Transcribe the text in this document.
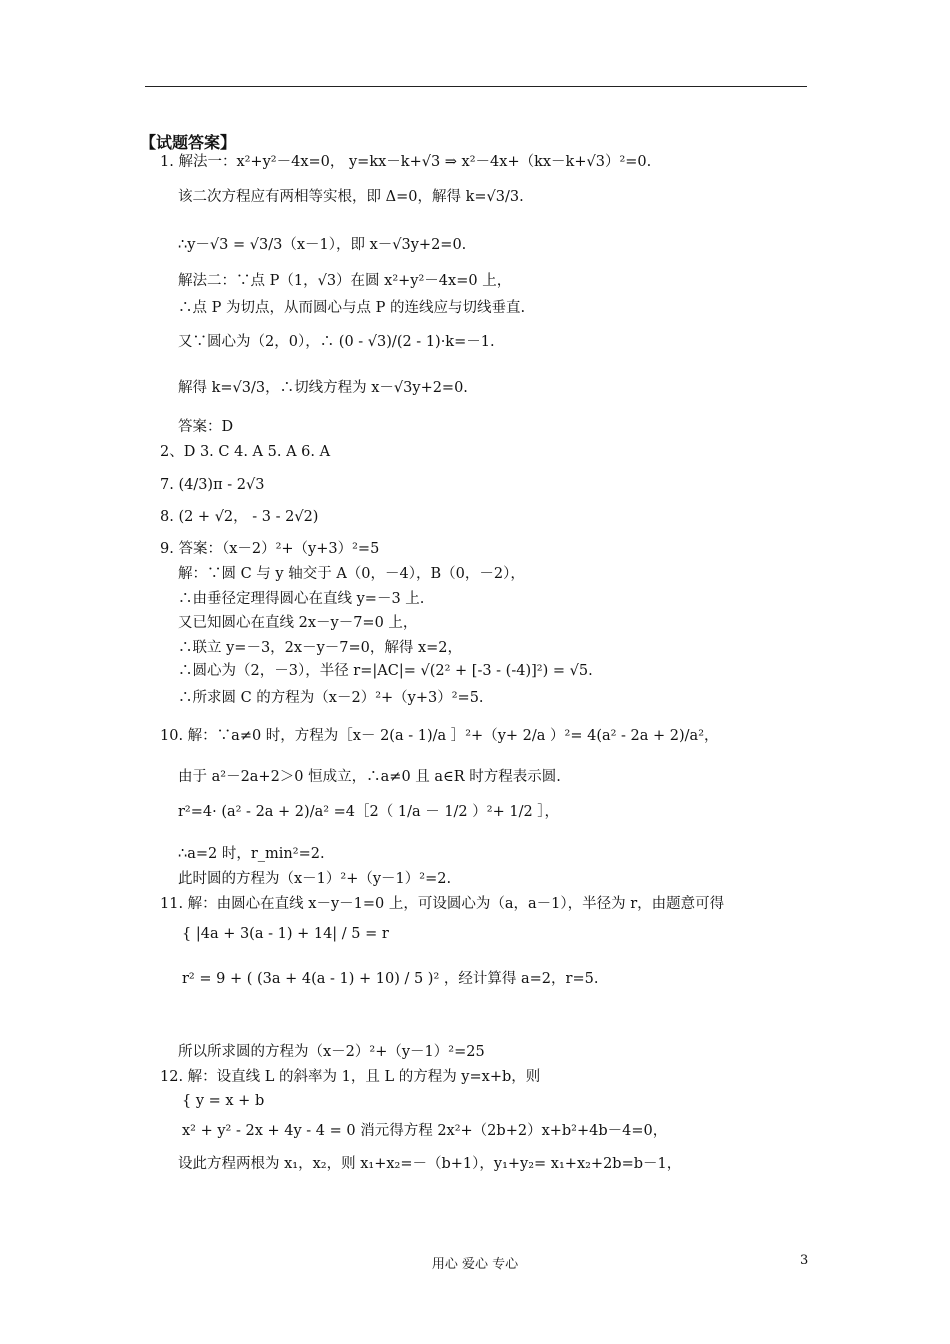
【试题答案】
1. 解法一：x²+y²－4x=0， y=kx－k+√3 ⇒ x²－4x+（kx－k+√3）²=0.
该二次方程应有两相等实根，即 Δ=0，解得 k=√3/3.
∴y－√3 = √3/3（x－1），即 x－√3y+2=0.
解法二：∵点 P（1，√3）在圆 x²+y²－4x=0 上，
∴点 P 为切点，从而圆心与点 P 的连线应与切线垂直.
又∵圆心为（2，0），∴ (0 - √3)/(2 - 1)·k=－1.
解得 k=√3/3，∴切线方程为 x－√3y+2=0.
答案：D
2、D 3. C 4. A 5. A 6. A
7. (4/3)π - 2√3
8. (2 + √2， - 3 - 2√2)
9. 答案：（x－2）²+（y+3）²=5
解：∵圆 C 与 y 轴交于 A（0，－4），B（0，－2），
∴由垂径定理得圆心在直线 y=－3 上.
又已知圆心在直线 2x－y－7=0 上，
∴联立 y=－3，2x－y－7=0，解得 x=2，
∴圆心为（2，－3），半径 r=|AC|= √(2² + [-3 - (-4)]²) = √5.
∴所求圆 C 的方程为（x－2）²+（y+3）²=5.
10. 解：∵a≠0 时，方程为［x－ 2(a - 1)/a ］²+（y+ 2/a ）²= 4(a² - 2a + 2)/a²，
由于 a²－2a+2＞0 恒成立，∴a≠0 且 a∈R 时方程表示圆.
r²=4· (a² - 2a + 2)/a² =4［2（ 1/a － 1/2 ）²+ 1/2 ］，
∴a=2 时，r_min²=2.
此时圆的方程为（x－1）²+（y－1）²=2.
11. 解：由圆心在直线 x－y－1=0 上，可设圆心为（a，a－1），半径为 r，由题意可得
{ |4a + 3(a - 1) + 14| / 5 = r
r² = 9 + ( (3a + 4(a - 1) + 10) / 5 )² ，经计算得 a=2，r=5.
所以所求圆的方程为（x－2）²+（y－1）²=25
12. 解：设直线 L 的斜率为 1，且 L 的方程为 y=x+b，则
{ y = x + b
x² + y² - 2x + 4y - 4 = 0 消元得方程 2x²+（2b+2）x+b²+4b－4=0，
设此方程两根为 x₁，x₂，则 x₁+x₂=－（b+1），y₁+y₂= x₁+x₂+2b=b－1，
用心 爱心 专心	3
